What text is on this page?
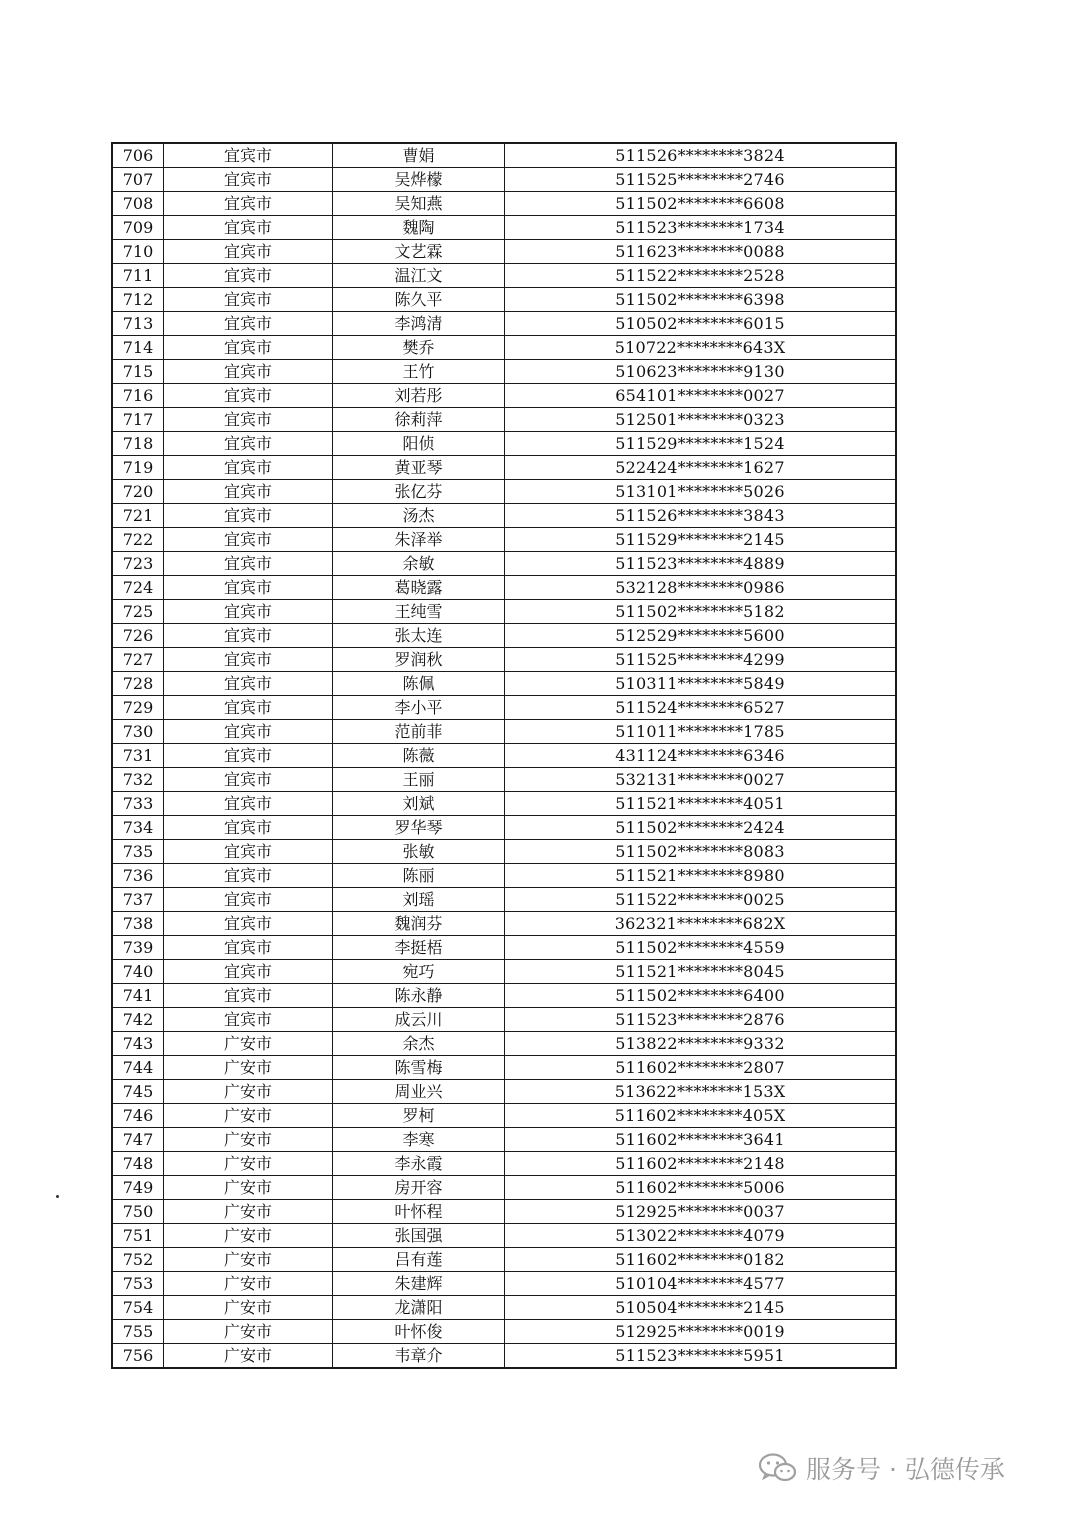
706	宜宾市	曹娟	511526********3824
707	宜宾市	吴烨檬	511525********2746
708	宜宾市	吴知燕	511502********6608
709	宜宾市	魏陶	511523********1734
710	宜宾市	文艺霖	511623********0088
711	宜宾市	温江文	511522********2528
712	宜宾市	陈久平	511502********6398
713	宜宾市	李鸿清	510502********6015
714	宜宾市	樊乔	510722********643X
715	宜宾市	王竹	510623********9130
716	宜宾市	刘若彤	654101********0027
717	宜宾市	徐莉萍	512501********0323
718	宜宾市	阳侦	511529********1524
719	宜宾市	黄亚琴	522424********1627
720	宜宾市	张亿芬	513101********5026
721	宜宾市	汤杰	511526********3843
722	宜宾市	朱泽举	511529********2145
723	宜宾市	余敏	511523********4889
724	宜宾市	葛晓露	532128********0986
725	宜宾市	王纯雪	511502********5182
726	宜宾市	张太连	512529********5600
727	宜宾市	罗润秋	511525********4299
728	宜宾市	陈佩	510311********5849
729	宜宾市	李小平	511524********6527
730	宜宾市	范前菲	511011********1785
731	宜宾市	陈薇	431124********6346
732	宜宾市	王丽	532131********0027
733	宜宾市	刘斌	511521********4051
734	宜宾市	罗华琴	511502********2424
735	宜宾市	张敏	511502********8083
736	宜宾市	陈丽	511521********8980
737	宜宾市	刘瑶	511522********0025
738	宜宾市	魏润芬	362321********682X
739	宜宾市	李挺梧	511502********4559
740	宜宾市	宛巧	511521********8045
741	宜宾市	陈永静	511502********6400
742	宜宾市	成云川	511523********2876
743	广安市	余杰	513822********9332
744	广安市	陈雪梅	511602********2807
745	广安市	周业兴	513622********153X
746	广安市	罗柯	511602********405X
747	广安市	李寒	511602********3641
748	广安市	李永霞	511602********2148
749	广安市	房开容	511602********5006
750	广安市	叶怀程	512925********0037
751	广安市	张国强	513022********4079
752	广安市	吕有莲	511602********0182
753	广安市	朱建辉	510104********4577
754	广安市	龙潇阳	510504********2145
755	广安市	叶怀俊	512925********0019
756	广安市	韦章介	511523********5951
服务号 · 弘德传承
